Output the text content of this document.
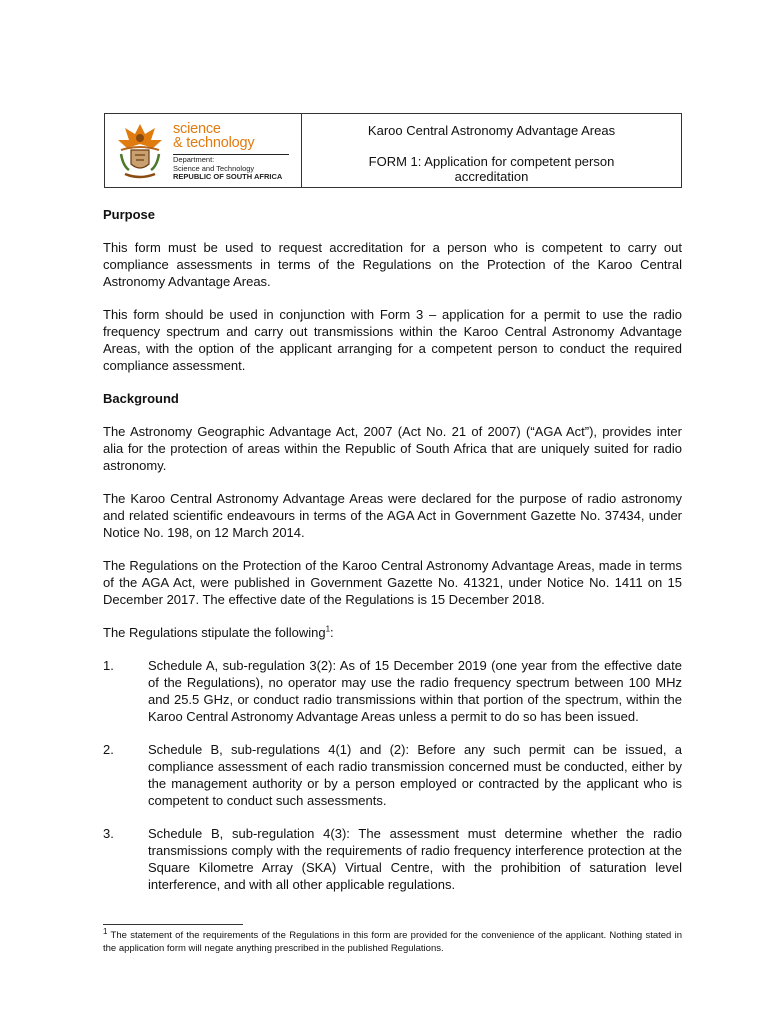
science
& technology
Department:
Science and Technology
REPUBLIC OF SOUTH AFRICA
Karoo Central Astronomy Advantage Areas
FORM 1: Application for competent person
accreditation
Purpose

This form must be used to request accreditation for a person who is competent to carry out compliance assessments in terms of the Regulations on the Protection of the Karoo Central Astronomy Advantage Areas.

This form should be used in conjunction with Form 3 – application for a permit to use the radio frequency spectrum and carry out transmissions within the Karoo Central Astronomy Advantage Areas, with the option of the applicant arranging for a competent person to conduct the required compliance assessment.

Background

The Astronomy Geographic Advantage Act, 2007 (Act No. 21 of 2007) (“AGA Act”), provides inter alia for the protection of areas within the Republic of South Africa that are uniquely suited for radio astronomy.

The Karoo Central Astronomy Advantage Areas were declared for the purpose of radio astronomy and related scientific endeavours in terms of the AGA Act in Government Gazette No. 37434, under Notice No. 198, on 12 March 2014.

The Regulations on the Protection of the Karoo Central Astronomy Advantage Areas, made in terms of the AGA Act, were published in Government Gazette No. 41321, under Notice No. 1411 on 15 December 2017. The effective date of the Regulations is 15 December 2018.

The Regulations stipulate the following$^1$:

1.	Schedule A, sub-regulation 3(2): As of 15 December 2019 (one year from the effective date of the Regulations), no operator may use the radio frequency spectrum between 100 MHz and 25.5 GHz, or conduct radio transmissions within that portion of the spectrum, within the Karoo Central Astronomy Advantage Areas unless a permit to do so has been issued.
2.	Schedule B, sub-regulations 4(1) and (2): Before any such permit can be issued, a compliance assessment of each radio transmission concerned must be conducted, either by the management authority or by a person employed or contracted by the applicant who is competent to conduct such assessments.
3.	Schedule B, sub-regulation 4(3): The assessment must determine whether the radio transmissions comply with the requirements of radio frequency interference protection at the Square Kilometre Array (SKA) Virtual Centre, with the prohibition of saturation level interference, and with all other applicable regulations.
$^1$ The statement of the requirements of the Regulations in this form are provided for the convenience of the applicant. Nothing stated in the application form will negate anything prescribed in the published Regulations.
